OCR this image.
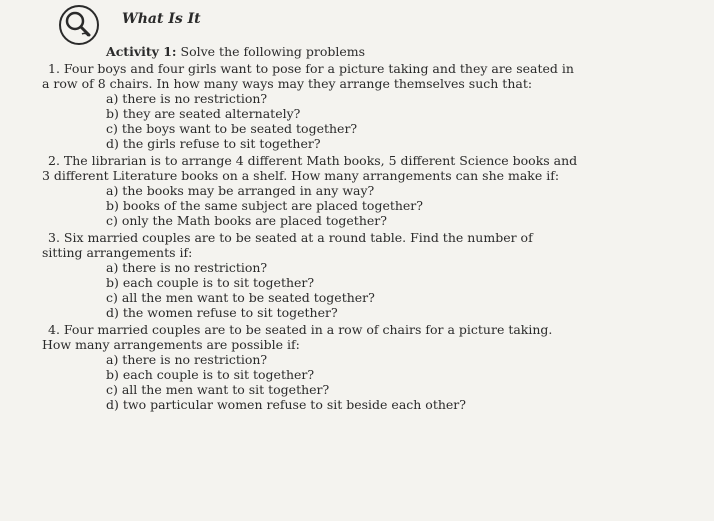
What Is It
Activity 1: Solve the following problems
1. Four boys and four girls want to pose for a picture taking and they are seated in
a row of 8 chairs. In how many ways may they arrange themselves such that:
a) there is no restriction?
b) they are seated alternately?
c) the boys want to be seated together?
d) the girls refuse to sit together?
2. The librarian is to arrange 4 different Math books, 5 different Science books and
3 different Literature books on a shelf. How many arrangements can she make if:
a) the books may be arranged in any way?
b) books of the same subject are placed together?
c) only the Math books are placed together?
3. Six married couples are to be seated at a round table. Find the number of
sitting arrangements if:
a) there is no restriction?
b) each couple is to sit together?
c) all the men want to be seated together?
d) the women refuse to sit together?
4. Four married couples are to be seated in a row of chairs for a picture taking.
How many arrangements are possible if:
a) there is no restriction?
b) each couple is to sit together?
c) all the men want to sit together?
d) two particular women refuse to sit beside each other?
